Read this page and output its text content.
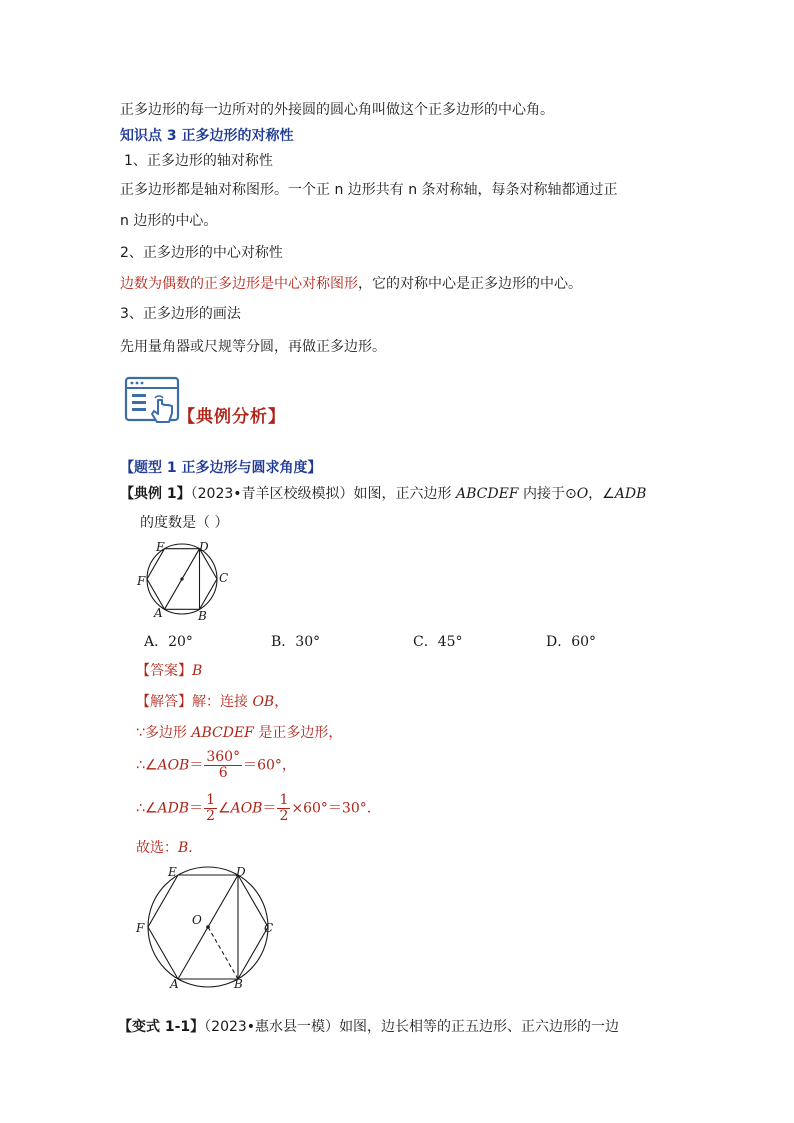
正多边形的每一边所对的外接圆的圆心角叫做这个正多边形的中心角。
知识点 3 正多边形的对称性
1、正多边形的轴对称性
正多边形都是轴对称图形。一个正 n 边形共有 n 条对称轴，每条对称轴都通过正
n 边形的中心。
2、正多边形的中心对称性
边数为偶数的正多边形是中心对称图形，它的对称中心是正多边形的中心。
3、正多边形的画法
先用量角器或尺规等分圆，再做正多边形。
【典例分析】
【题型 1 正多边形与圆求角度】
【典例 1】（2023•青羊区校级模拟）如图，正六边形 ABCDEF 内接于⊙O，∠ADB
的度数是（ ）
E	D
F	C
A	B
A．20°	B．30°	C．45°	D．60°
【答案】B
【解答】解：连接 OB，
∵多边形 ABCDEF 是正多边形，
∴∠AOB＝ $\frac{360^\circ}{6} =60^\circ$，
∴∠ADB＝ $\frac{1}{2}$ ∠AOB＝ $\frac{1}{2} \times 60^\circ=30^\circ$．
故选：B．
E	D
O
F	C
A	B
【变式 1-1】（2023•惠水县一模）如图，边长相等的正五边形、正六边形的一边
